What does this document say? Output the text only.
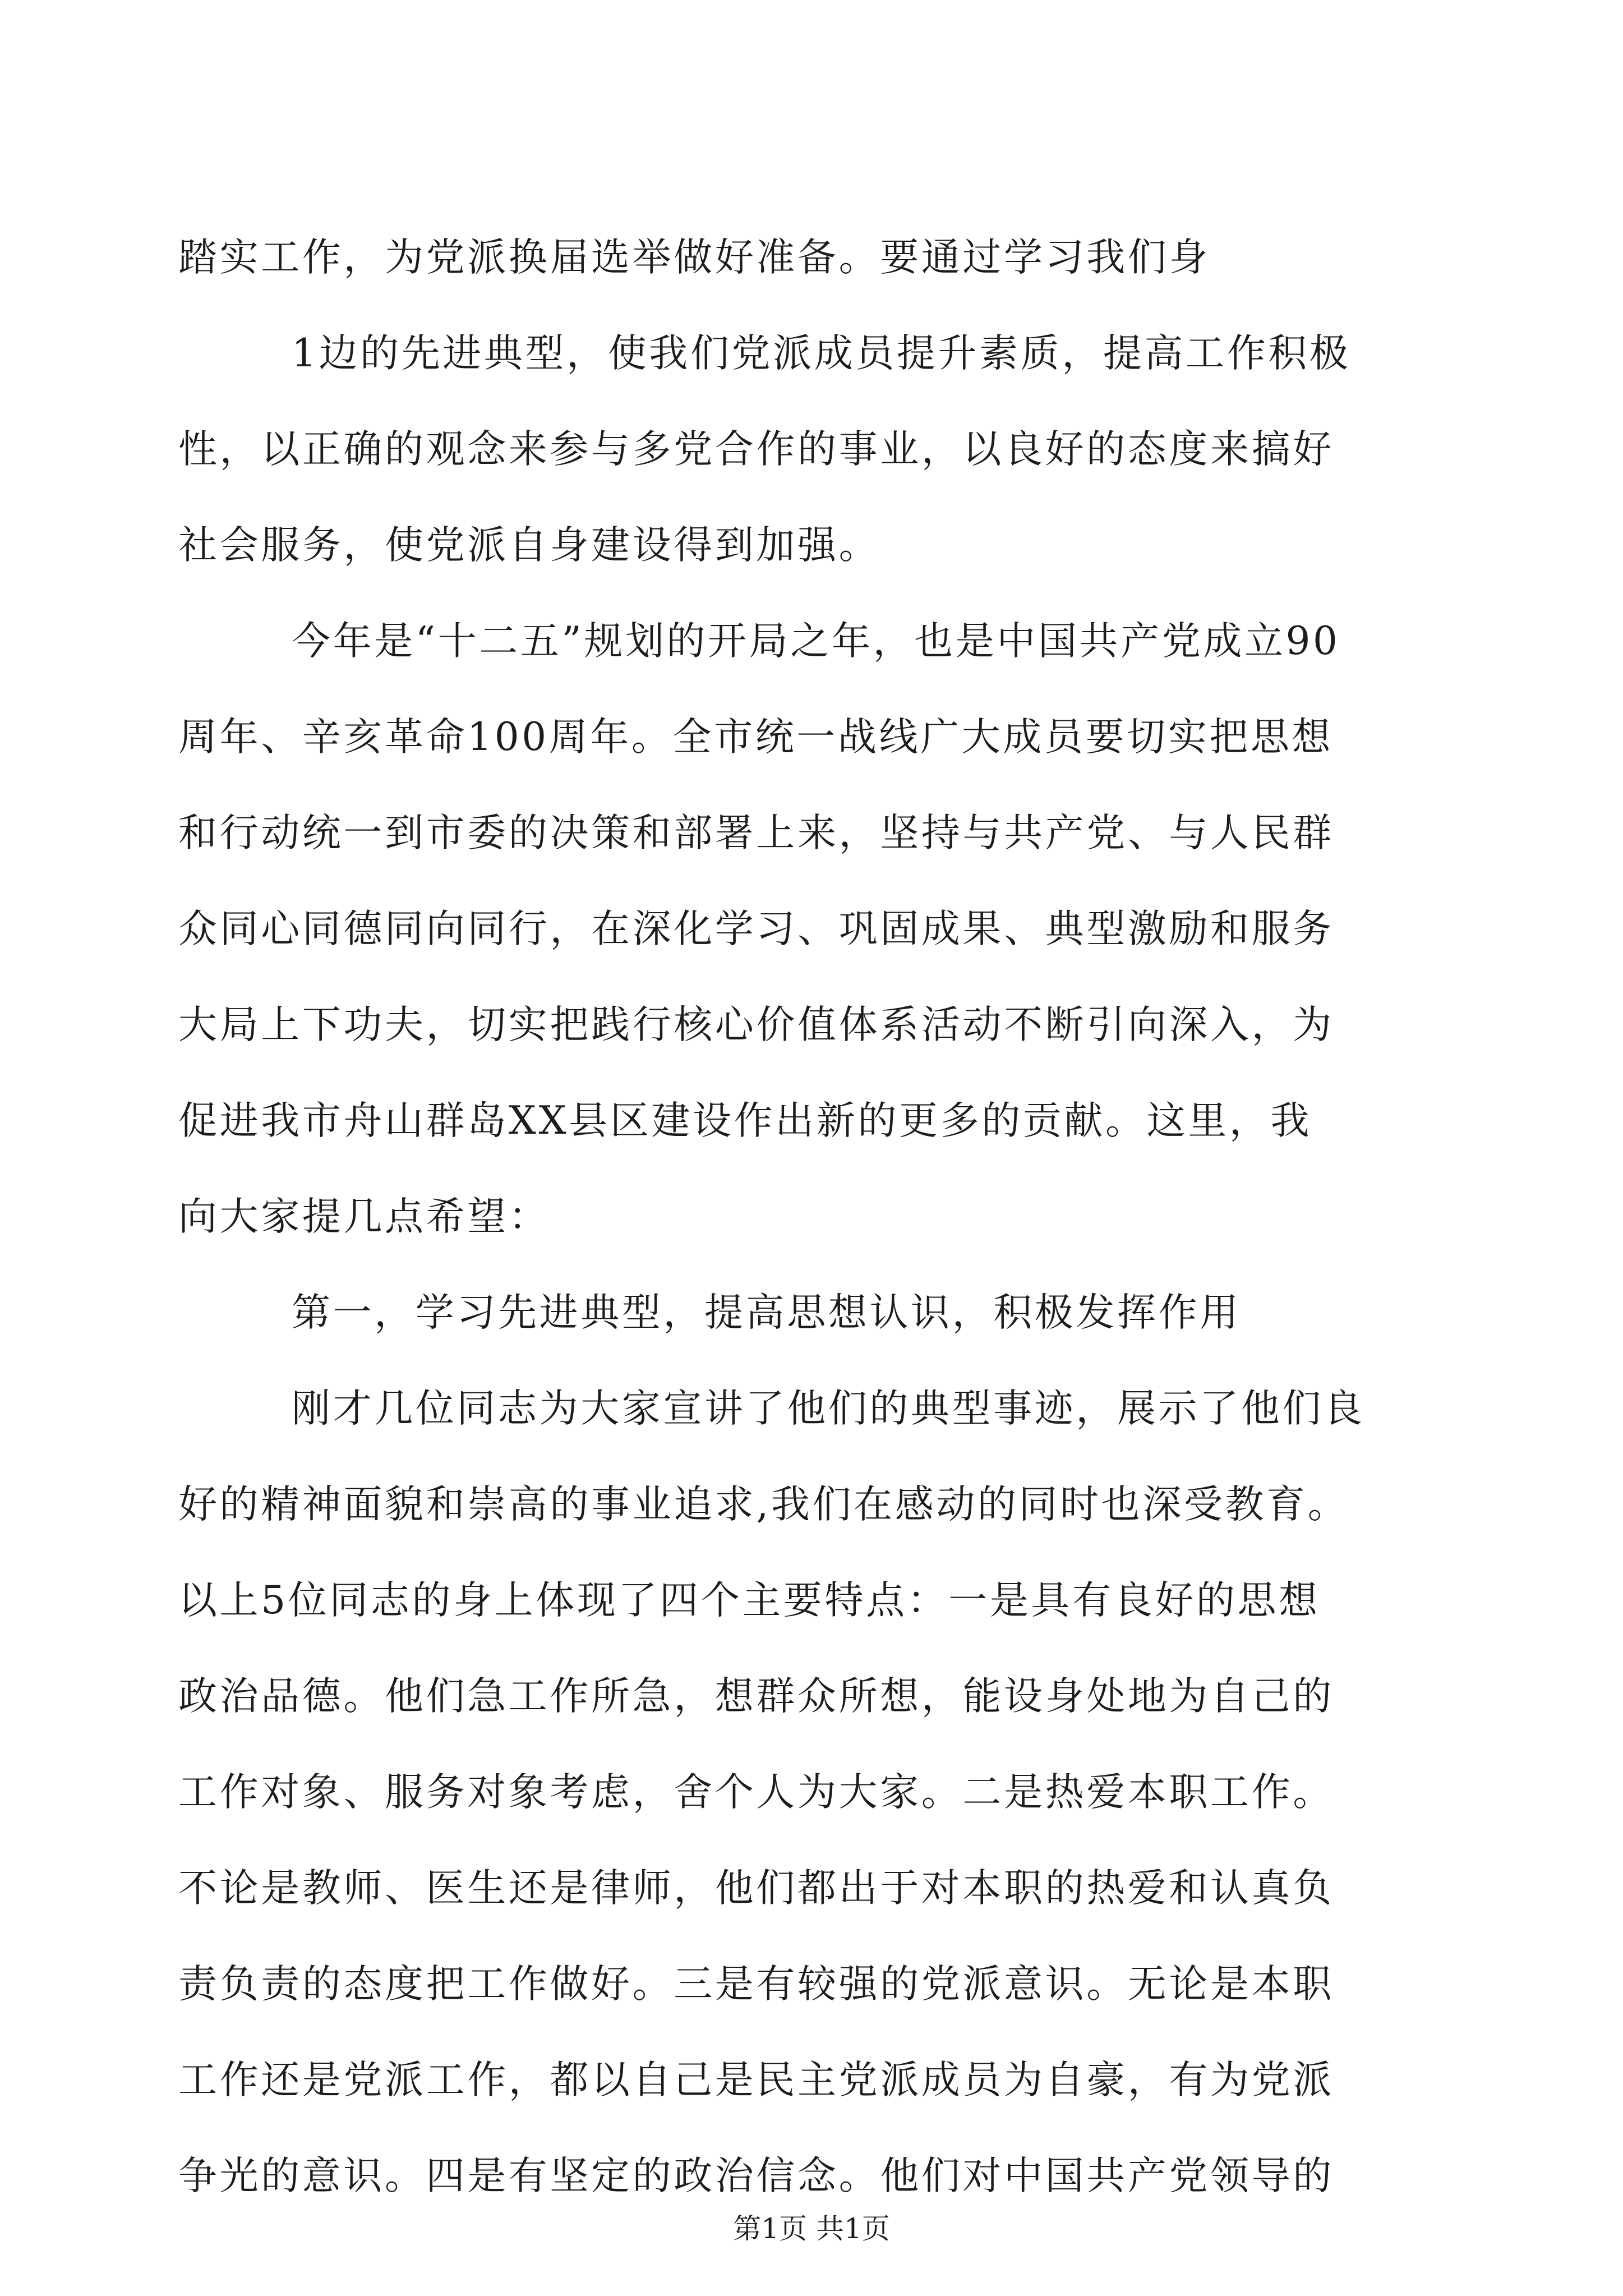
踏实工作，为党派换届选举做好准备。要通过学习我们身
1边的先进典型，使我们党派成员提升素质，提高工作积极
性，以正确的观念来参与多党合作的事业，以良好的态度来搞好
社会服务，使党派自身建设得到加强。
今年是“十二五”规划的开局之年，也是中国共产党成立90
周年、辛亥革命100周年。全市统一战线广大成员要切实把思想
和行动统一到市委的决策和部署上来，坚持与共产党、与人民群
众同心同德同向同行，在深化学习、巩固成果、典型激励和服务
大局上下功夫，切实把践行核心价值体系活动不断引向深入，为
促进我市舟山群岛XX县区建设作出新的更多的贡献。这里，我
向大家提几点希望：
第一，学习先进典型，提高思想认识，积极发挥作用
刚才几位同志为大家宣讲了他们的典型事迹，展示了他们良
好的精神面貌和崇高的事业追求,我们在感动的同时也深受教育。
以上5位同志的身上体现了四个主要特点：一是具有良好的思想
政治品德。他们急工作所急，想群众所想，能设身处地为自己的
工作对象、服务对象考虑，舍个人为大家。二是热爱本职工作。
不论是教师、医生还是律师，他们都出于对本职的热爱和认真负
责负责的态度把工作做好。三是有较强的党派意识。无论是本职
工作还是党派工作，都以自己是民主党派成员为自豪，有为党派
争光的意识。四是有坚定的政治信念。他们对中国共产党领导的
第1页 共1页
